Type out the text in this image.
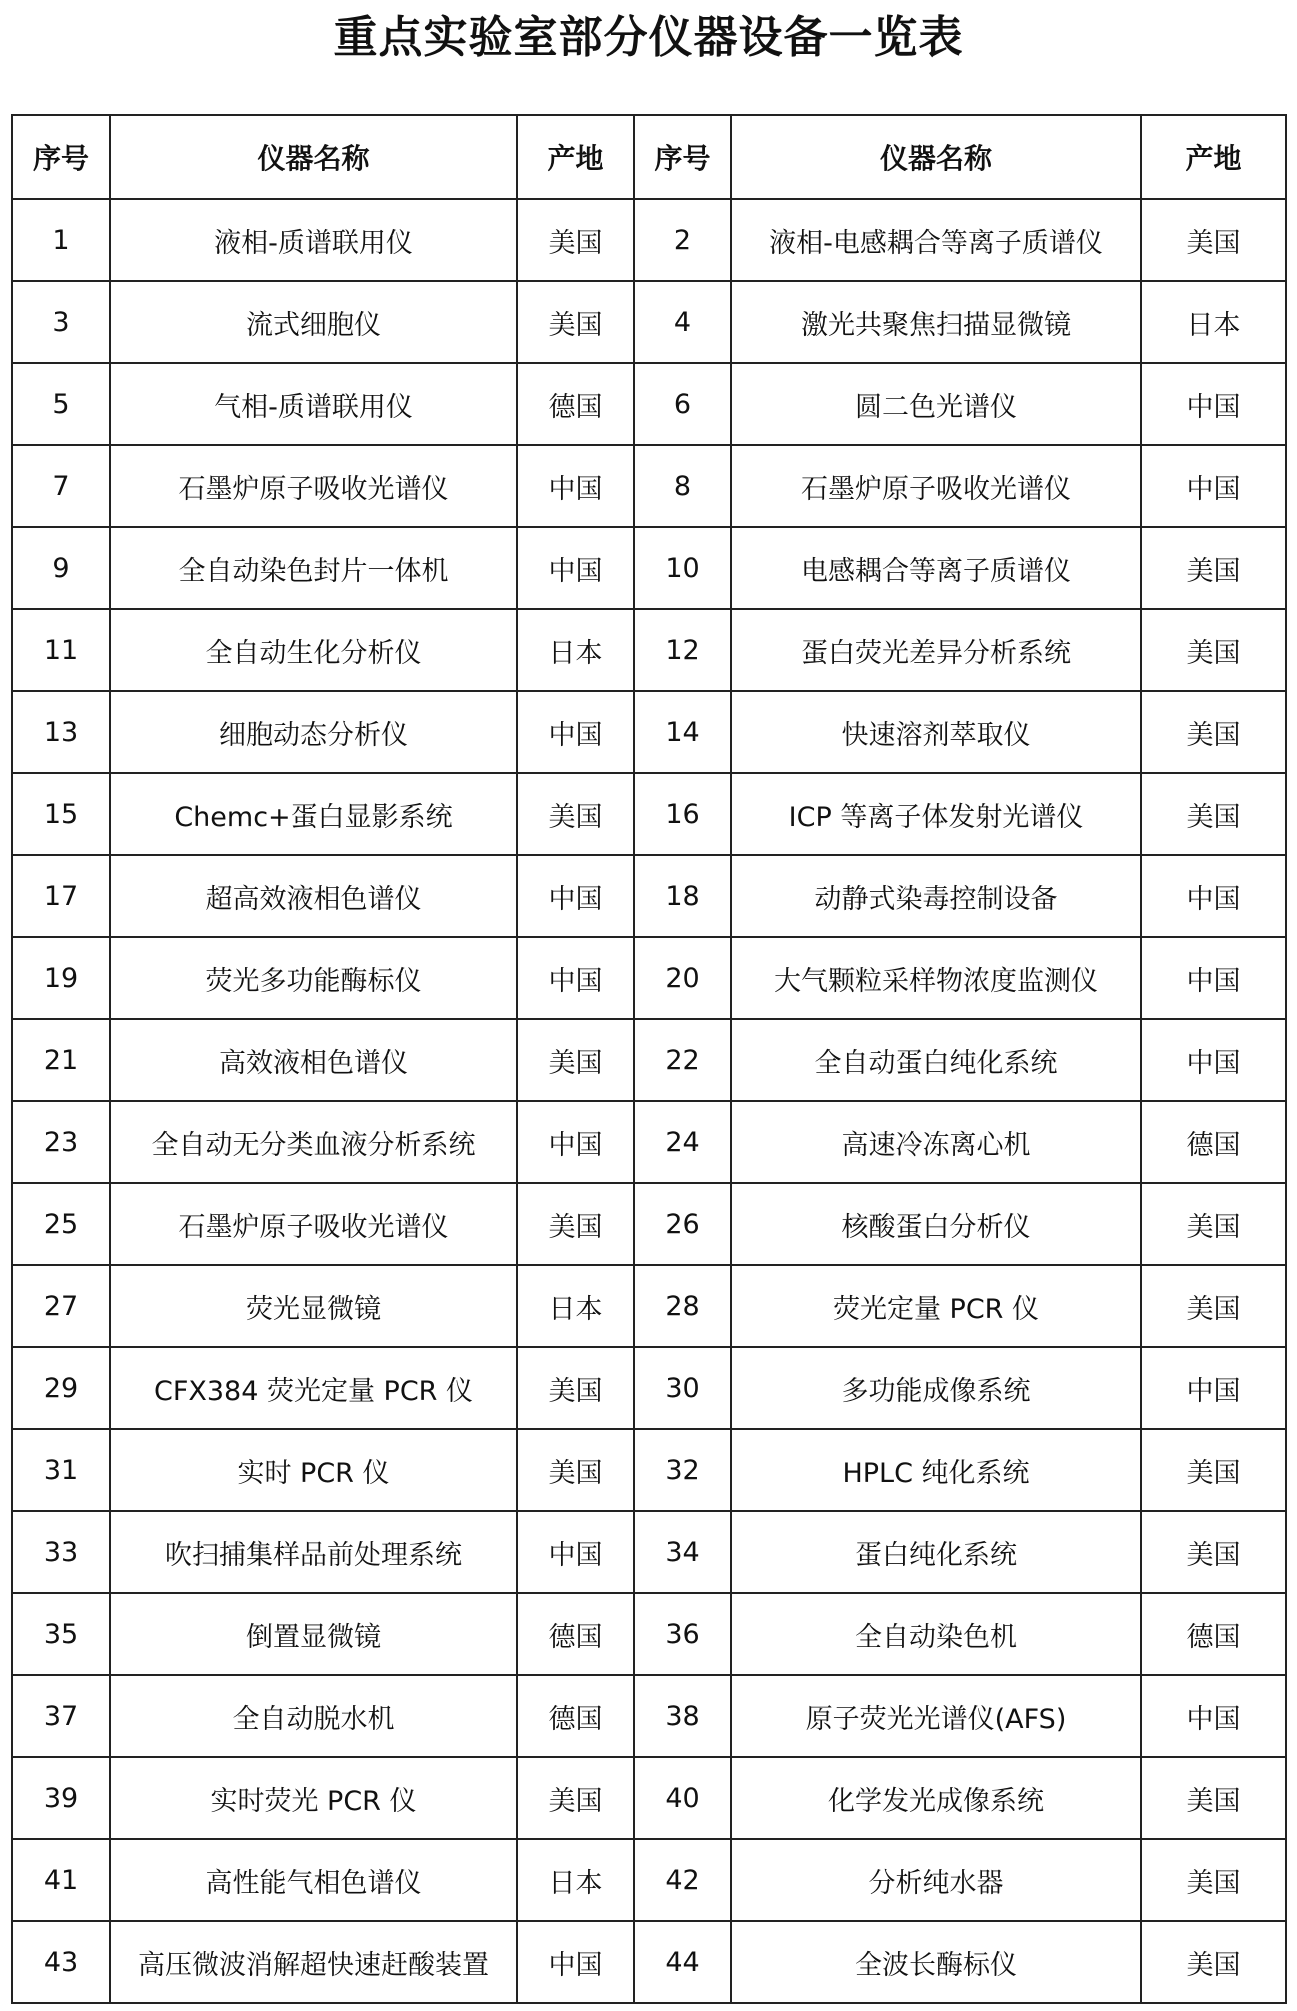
重点实验室部分仪器设备一览表
序号	仪器名称	产地	序号	仪器名称	产地
1	液相-质谱联用仪	美国	2	液相-电感耦合等离子质谱仪	美国
3	流式细胞仪	美国	4	激光共聚焦扫描显微镜	日本
5	气相-质谱联用仪	德国	6	圆二色光谱仪	中国
7	石墨炉原子吸收光谱仪	中国	8	石墨炉原子吸收光谱仪	中国
9	全自动染色封片一体机	中国	10	电感耦合等离子质谱仪	美国
11	全自动生化分析仪	日本	12	蛋白荧光差异分析系统	美国
13	细胞动态分析仪	中国	14	快速溶剂萃取仪	美国
15	Chemc+蛋白显影系统	美国	16	ICP 等离子体发射光谱仪	美国
17	超高效液相色谱仪	中国	18	动静式染毒控制设备	中国
19	荧光多功能酶标仪	中国	20	大气颗粒采样物浓度监测仪	中国
21	高效液相色谱仪	美国	22	全自动蛋白纯化系统	中国
23	全自动无分类血液分析系统	中国	24	高速冷冻离心机	德国
25	石墨炉原子吸收光谱仪	美国	26	核酸蛋白分析仪	美国
27	荧光显微镜	日本	28	荧光定量 PCR 仪	美国
29	CFX384 荧光定量 PCR 仪	美国	30	多功能成像系统	中国
31	实时 PCR 仪	美国	32	HPLC 纯化系统	美国
33	吹扫捕集样品前处理系统	中国	34	蛋白纯化系统	美国
35	倒置显微镜	德国	36	全自动染色机	德国
37	全自动脱水机	德国	38	原子荧光光谱仪(AFS)	中国
39	实时荧光 PCR 仪	美国	40	化学发光成像系统	美国
41	高性能气相色谱仪	日本	42	分析纯水器	美国
43	高压微波消解超快速赶酸装置	中国	44	全波长酶标仪	美国
